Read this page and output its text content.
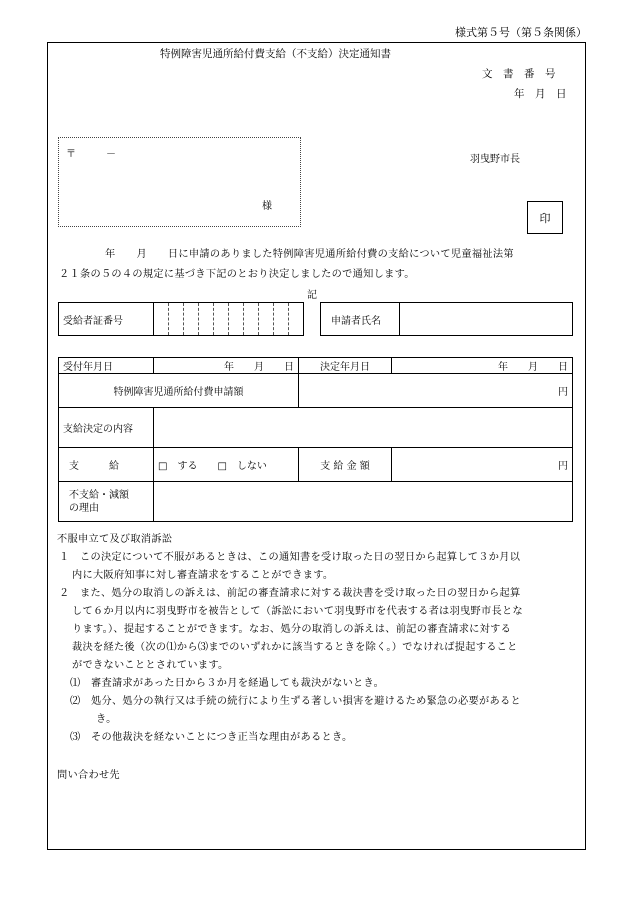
様式第５号（第５条関係）
特例障害児通所給付費支給（不支給）決定通知書
文　書　番　号
年　月　日
〒　　　－
様
羽曳野市長
印
年　　月　　日に申請のありました特例障害児通所給付費の支給について児童福祉法第
２１条の５の４の規定に基づき下記のとおり決定しましたので通知します。
記
受給者証番号												申請者氏名	
受付年月日	年　　月　　日	決定年月日	年　　月　　日
特例障害児通所給付費申請額		円	
支給決定の内容			
支　　　給	□　する　　□　しない	支 給 金 額	円
不支給・減額
の理由			
不服申立て及び取消訴訟
１　この決定について不服があるときは、この通知書を受け取った日の翌日から起算して３か月以
内に大阪府知事に対し審査請求をすることができます。
２　また、処分の取消しの訴えは、前記の審査請求に対する裁決書を受け取った日の翌日から起算
して６か月以内に羽曳野市を被告として（訴訟において羽曳野市を代表する者は羽曳野市長とな
ります。）、提起することができます。なお、処分の取消しの訴えは、前記の審査請求に対する
裁決を経た後（次の⑴から⑶までのいずれかに該当するときを除く。）でなければ提起すること
ができないこととされています。
⑴　審査請求があった日から３か月を経過しても裁決がないとき。
⑵　処分、処分の執行又は手続の続行により生ずる著しい損害を避けるため緊急の必要があると
き。
⑶　その他裁決を経ないことにつき正当な理由があるとき。
問い合わせ先
